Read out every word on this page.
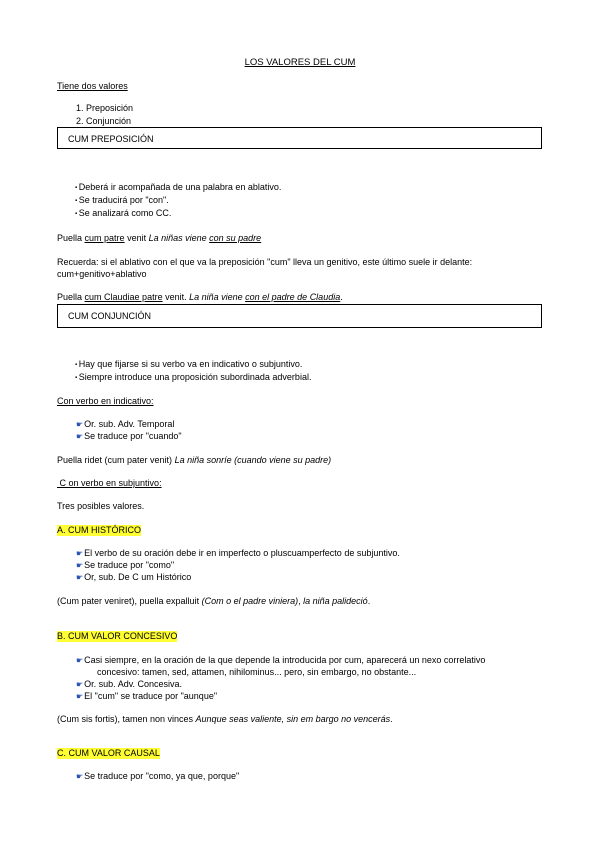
LOS VALORES DEL CUM
Tiene dos valores
1. Preposición
2. Conjunción
CUM PREPOSICIÓN
▪ Deberá ir acompañada de una palabra en ablativo.
▪ Se traducirá por "con".
▪ Se analizará como CC.
Puella cum patre venit La niñas viene con su padre
Recuerda: si el ablativo con el que va la preposición "cum" lleva un genitivo, este último suele ir delante:
cum+genitivo+ablativo
Puella cum Claudiae patre venit. La niña viene con el padre de Claudia.
CUM CONJUNCIÓN
▪ Hay que fijarse si su verbo va en indicativo o subjuntivo.
▪ Siempre introduce una proposición subordinada adverbial.
Con verbo en indicativo:
☛Or. sub. Adv. Temporal
☛Se traduce por "cuando"
Puella ridet (cum pater venit) La niña sonríe (cuando viene su padre)
C on verbo en subjuntivo:
Tres posibles valores.
A. CUM HISTÓRICO
☛El verbo de su oración debe ir en imperfecto o pluscuamperfecto de subjuntivo.
☛Se traduce por "como"
☛Or, sub. De C um Histórico
(Cum pater veniret), puella expalluit (Com o el padre viniera), la niña palideció.
B. CUM VALOR CONCESIVO
☛Casi siempre, en la oración de la que depende la introducida por cum, aparecerá un nexo correlativo
concesivo: tamen, sed, attamen, nihilominus... pero, sin embargo, no obstante...
☛Or. sub. Adv. Concesiva.
☛El "cum" se traduce por "aunque"
(Cum sis fortis), tamen non vinces Aunque seas valiente, sin em bargo no vencerás.
C. CUM VALOR CAUSAL
☛Se traduce por "como, ya que, porque"
